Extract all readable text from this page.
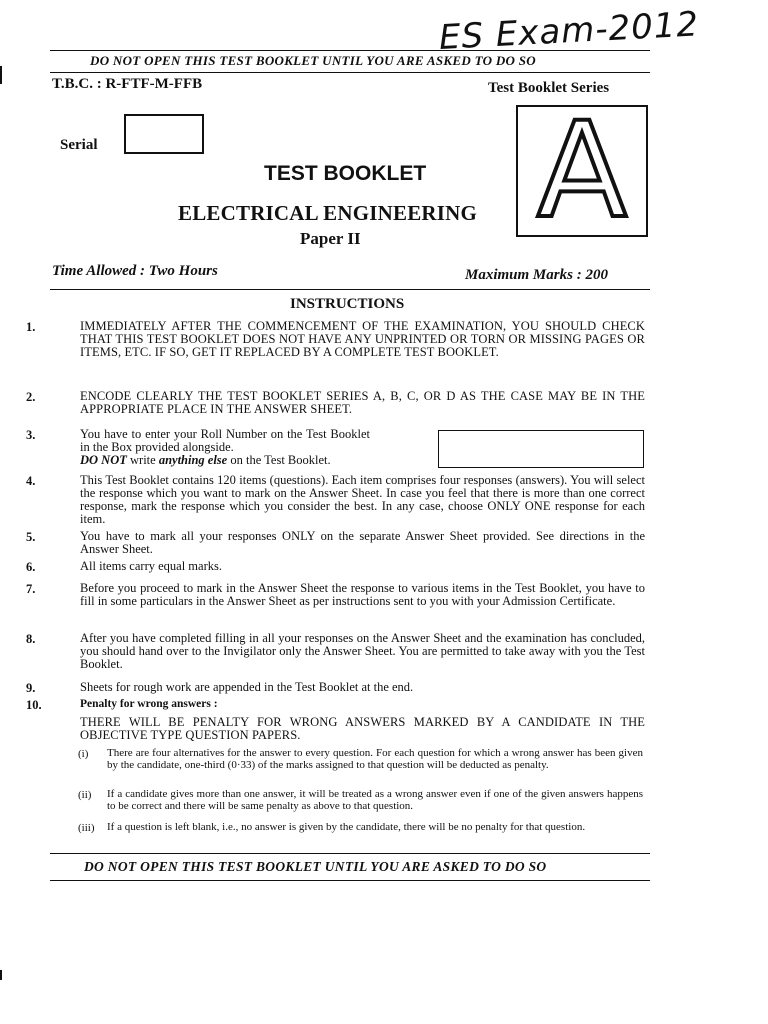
ES Exam-2012
DO NOT OPEN THIS TEST BOOKLET UNTIL YOU ARE ASKED TO DO SO
T.B.C. : R-FTF-M-FFB	Test Booklet Series
Serial	A
TEST BOOKLET
ELECTRICAL ENGINEERING
Paper II
Time Allowed : Two Hours	Maximum Marks : 200
INSTRUCTIONS
1.	IMMEDIATELY AFTER THE COMMENCEMENT OF THE EXAMINATION, YOU SHOULD CHECK THAT THIS TEST BOOKLET DOES NOT HAVE ANY UNPRINTED OR TORN OR MISSING PAGES OR ITEMS, ETC. IF SO, GET IT REPLACED BY A COMPLETE TEST BOOKLET.
2.	ENCODE CLEARLY THE TEST BOOKLET SERIES A, B, C, OR D AS THE CASE MAY BE IN THE APPROPRIATE PLACE IN THE ANSWER SHEET.
3.	You have to enter your Roll Number on the Test Booklet in the Box provided alongside.
DO NOT write anything else on the Test Booklet.
4.	This Test Booklet contains 120 items (questions). Each item comprises four responses (answers). You will select the response which you want to mark on the Answer Sheet. In case you feel that there is more than one correct response, mark the response which you consider the best. In any case, choose ONLY ONE response for each item.
5.	You have to mark all your responses ONLY on the separate Answer Sheet provided. See directions in the Answer Sheet.
6.	All items carry equal marks.
7.	Before you proceed to mark in the Answer Sheet the response to various items in the Test Booklet, you have to fill in some particulars in the Answer Sheet as per instructions sent to you with your Admission Certificate.
8.	After you have completed filling in all your responses on the Answer Sheet and the examination has concluded, you should hand over to the Invigilator only the Answer Sheet. You are permitted to take away with you the Test Booklet.
9.	Sheets for rough work are appended in the Test Booklet at the end.
10.	Penalty for wrong answers :
THERE WILL BE PENALTY FOR WRONG ANSWERS MARKED BY A CANDIDATE IN THE OBJECTIVE TYPE QUESTION PAPERS.
(i)	There are four alternatives for the answer to every question. For each question for which a wrong answer has been given by the candidate, one-third (0·33) of the marks assigned to that question will be deducted as penalty.
(ii)	If a candidate gives more than one answer, it will be treated as a wrong answer even if one of the given answers happens to be correct and there will be same penalty as above to that question.
(iii)	If a question is left blank, i.e., no answer is given by the candidate, there will be no penalty for that question.
DO NOT OPEN THIS TEST BOOKLET UNTIL YOU ARE ASKED TO DO SO
